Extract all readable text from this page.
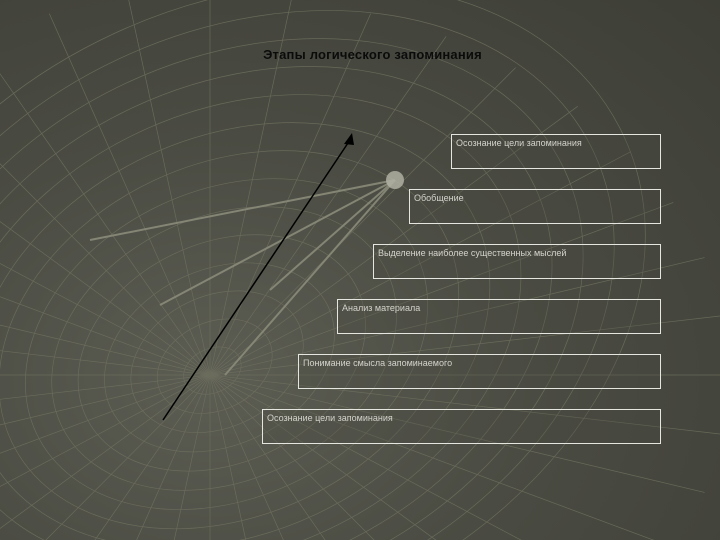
Этапы логического запоминания
Осознание цели запоминания
Обобщение
Выделение наиболее существенных мыслей
Анализ материала
Понимание смысла запоминаемого
Осознание цели запоминания
